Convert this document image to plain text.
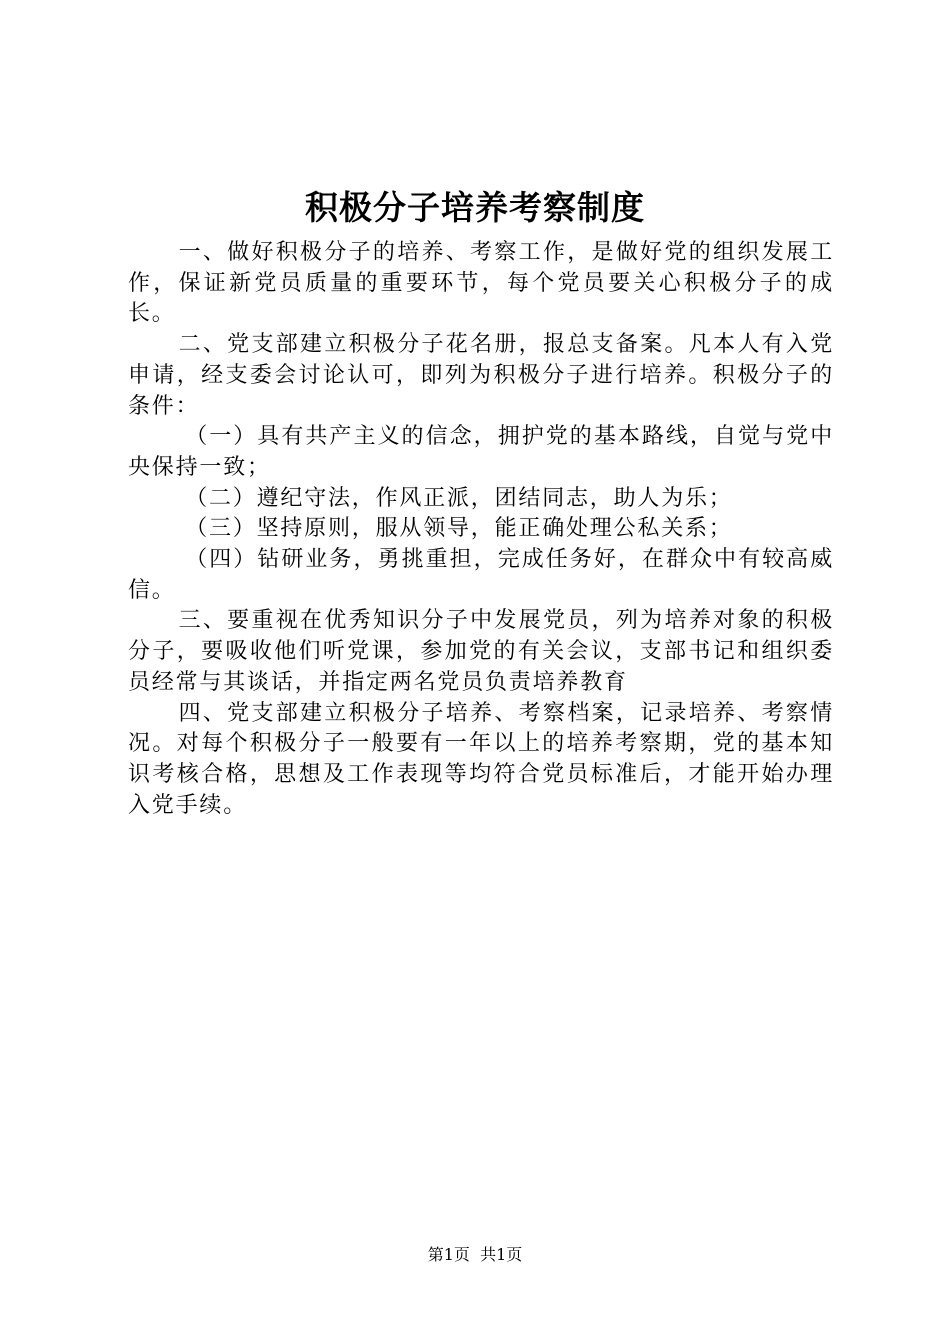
积极分子培养考察制度

一、做好积极分子的培养、考察工作，是做好党的组织发展工作，保证新党员质量的重要环节，每个党员要关心积极分子的成长。

二、党支部建立积极分子花名册，报总支备案。凡本人有入党申请，经支委会讨论认可，即列为积极分子进行培养。积极分子的条件：

（一）具有共产主义的信念，拥护党的基本路线，自觉与党中央保持一致；

（二）遵纪守法，作风正派，团结同志，助人为乐；

（三）坚持原则，服从领导，能正确处理公私关系；

（四）钻研业务，勇挑重担，完成任务好，在群众中有较高威信。

三、要重视在优秀知识分子中发展党员，列为培养对象的积极分子，要吸收他们听党课，参加党的有关会议，支部书记和组织委员经常与其谈话，并指定两名党员负责培养教育

四、党支部建立积极分子培养、考察档案，记录培养、考察情况。对每个积极分子一般要有一年以上的培养考察期，党的基本知识考核合格，思想及工作表现等均符合党员标准后，才能开始办理入党手续。

第1页  共1页
